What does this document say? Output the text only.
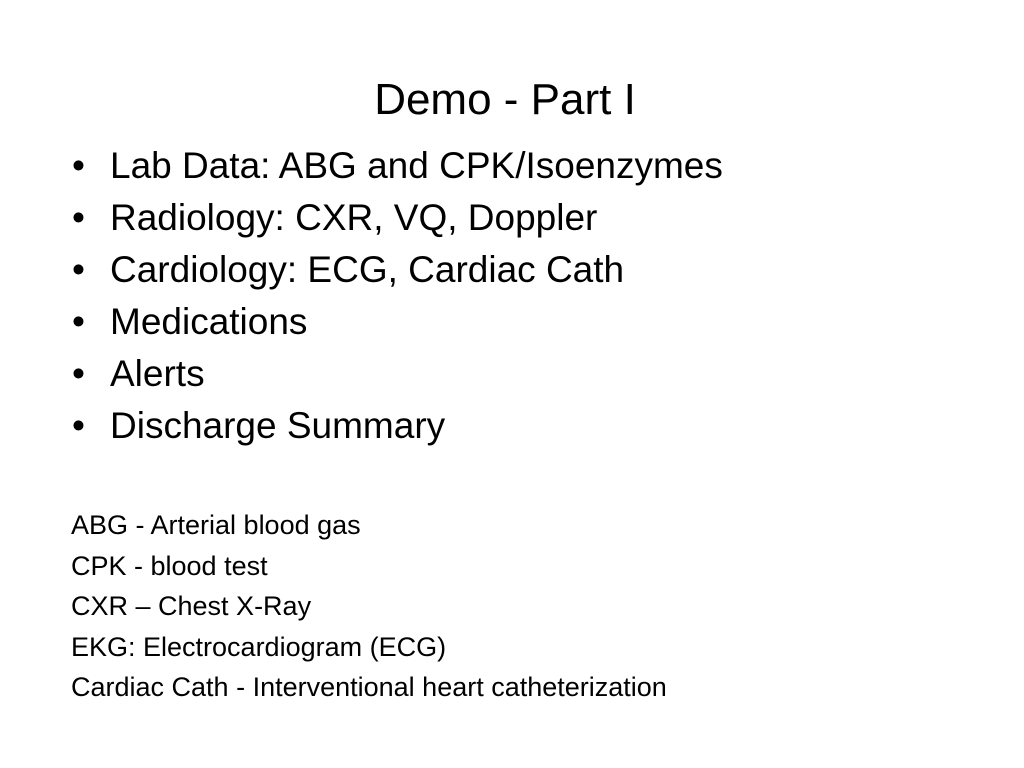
Demo - Part I
• Lab Data: ABG and CPK/Isoenzymes
• Radiology: CXR, VQ, Doppler
• Cardiology: ECG, Cardiac Cath
• Medications
• Alerts
• Discharge Summary
ABG - Arterial blood gas
CPK - blood test
CXR – Chest X-Ray
EKG: Electrocardiogram (ECG)
Cardiac Cath - Interventional heart catheterization
